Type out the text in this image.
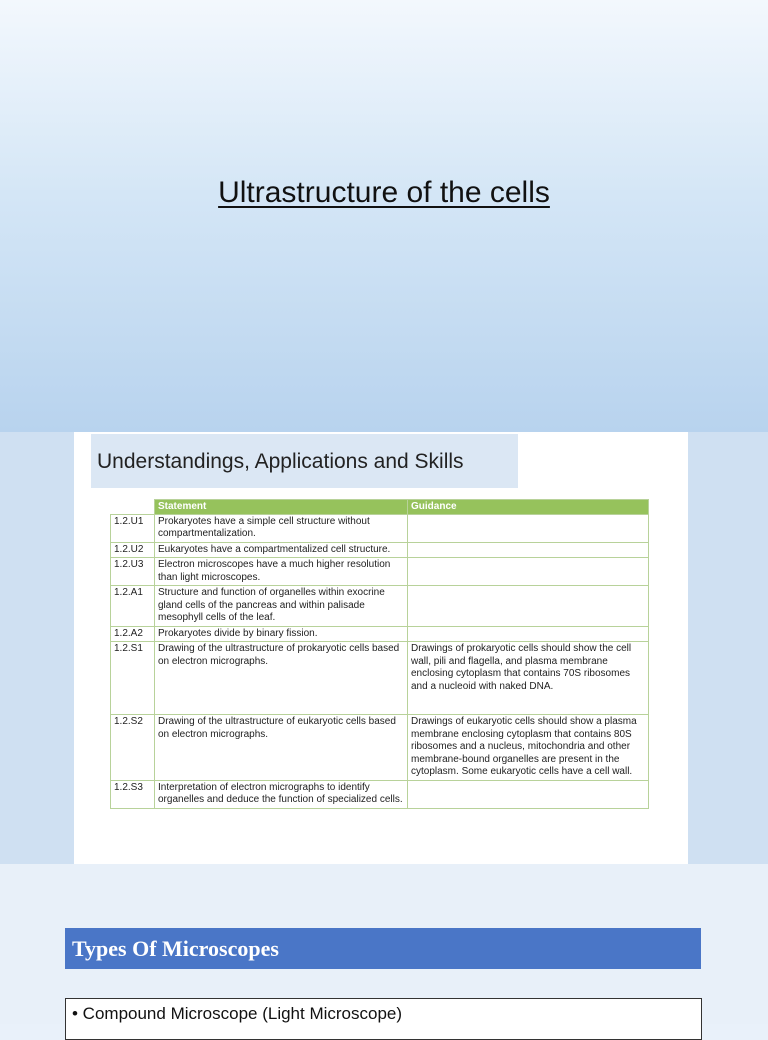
Ultrastructure of the cells
Understandings, Applications and Skills
	Statement	Guidance
1.2.U1	Prokaryotes have a simple cell structure without compartmentalization.	
1.2.U2	Eukaryotes have a compartmentalized cell structure.	
1.2.U3	Electron microscopes have a much higher resolution than light microscopes.	
1.2.A1	Structure and function of organelles within exocrine gland cells of the pancreas and within palisade mesophyll cells of the leaf.	
1.2.A2	Prokaryotes divide by binary fission.	
1.2.S1	Drawing of the ultrastructure of prokaryotic cells based on electron micrographs.	Drawings of prokaryotic cells should show the cell wall, pili and flagella, and plasma membrane enclosing cytoplasm that contains 70S ribosomes and a nucleoid with naked DNA.
1.2.S2	Drawing of the ultrastructure of eukaryotic cells based on electron micrographs.	Drawings of eukaryotic cells should show a plasma membrane enclosing cytoplasm that contains 80S ribosomes and a nucleus, mitochondria and other membrane-bound organelles are present in the cytoplasm. Some eukaryotic cells have a cell wall.
1.2.S3	Interpretation of electron micrographs to identify organelles and deduce the function of specialized cells.	
Types Of Microscopes
• Compound Microscope (Light Microscope)
